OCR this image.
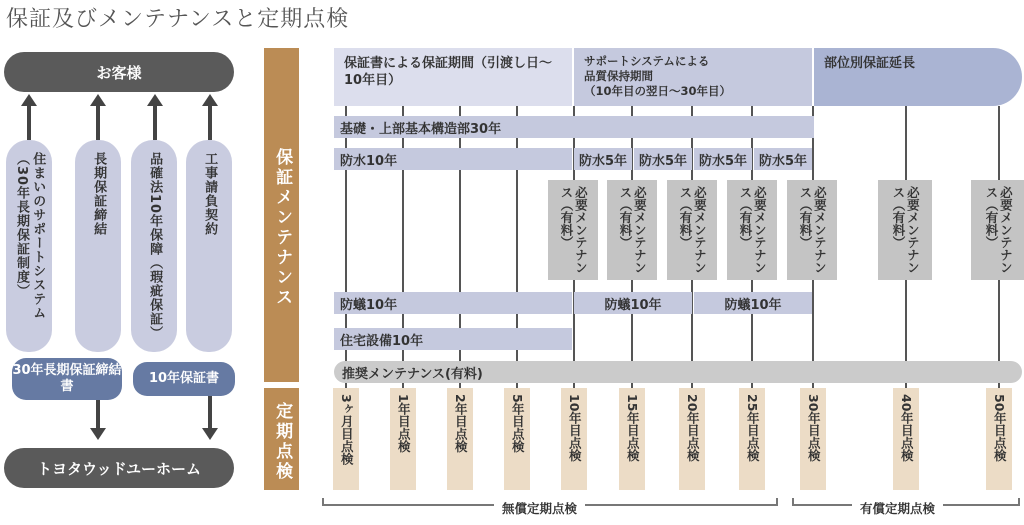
保証及びメンテナンスと定期点検
お客様
トヨタウッドユーホーム
住まいのサポートシステム（30年長期保証制度）	長期保証締結	品確法10年保障（瑕疵保証）	工事請負契約
30年長期保証締結書
10年保証書
保証メンテナンス
定期点検
保証書による保証期間（引渡し日〜10年目）
サポートシステムによる
品質保持期間
（10年目の翌日〜30年目）
部位別保証延長
基礎・上部基本構造部30年
防水10年	防水5年 防水5年 防水5年 防水5年
必要メンテナンス（有料）	必要メンテナンス（有料）	必要メンテナンス（有料）	必要メンテナンス（有料）	必要メンテナンス（有料）	必要メンテナンス（有料）	必要メンテナンス（有料）
防蟻10年	防蟻10年	防蟻10年
住宅設備10年
推奨メンテナンス(有料)
3ヶ月目点検	1年目点検	2年目点検	5年目点検	10年目点検	15年目点検	20年目点検	25年目点検	30年目点検	40年目点検	50年目点検
無償定期点検	有償定期点検
